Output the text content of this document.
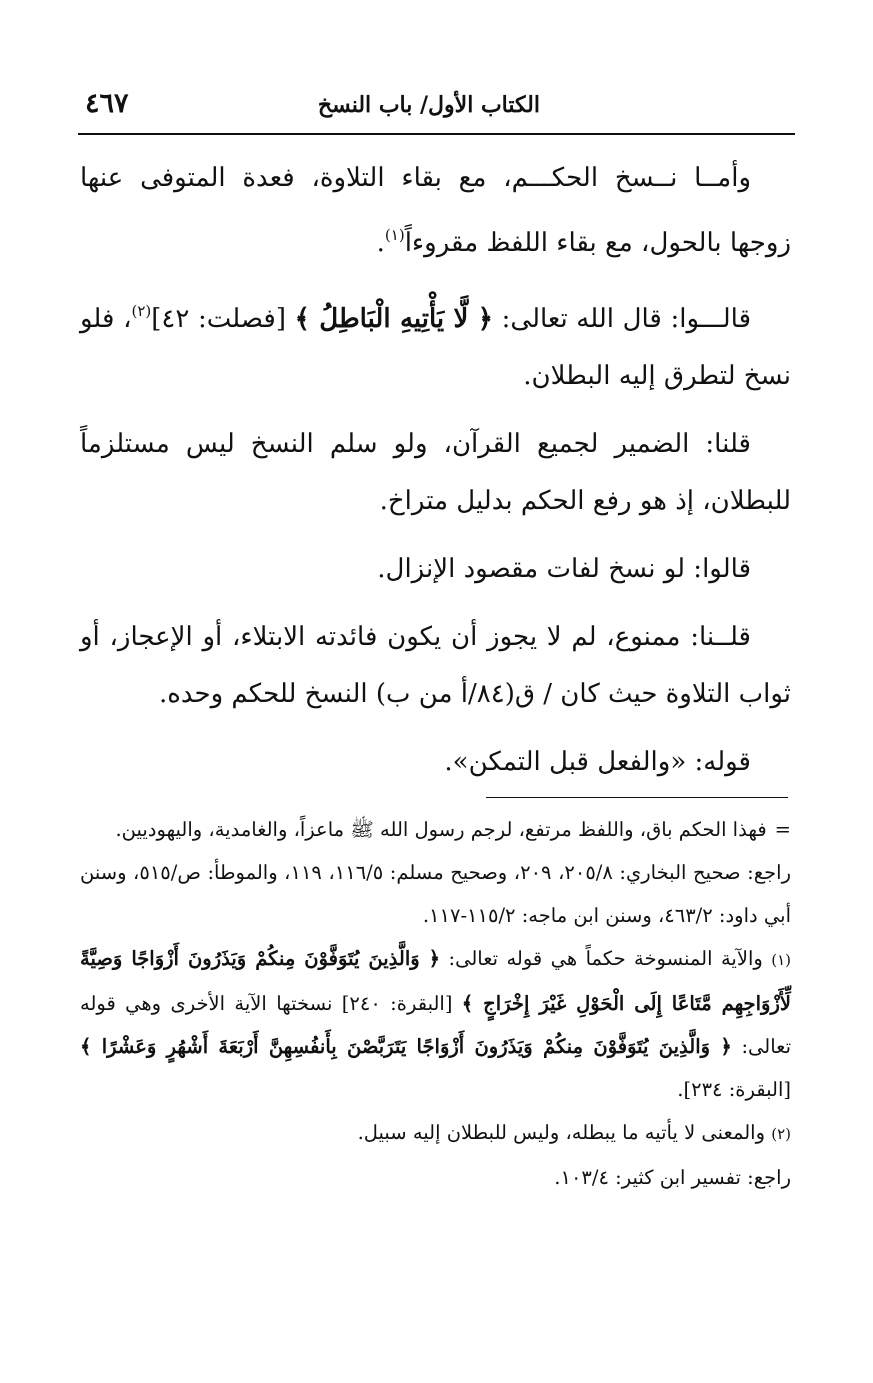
الكتاب الأول/ باب النسخ
٤٦٧

وأمــا نــسخ الحكـــم، مع بقاء التلاوة، فعدة المتوفى عنها زوجها بالحول، مع بقاء اللفظ مقروءاً$^{(١)}$.

قالـــوا: قال الله تعالى: ﴿ لَّا يَأْتِيهِ الْبَاطِلُ ﴾ [فصلت: ٤٢]$^{(٢)}$، فلو نسخ لتطرق إليه البطلان.

قلنا: الضمير لجميع القرآن، ولو سلم النسخ ليس مستلزماً للبطلان، إذ هو رفع الحكم بدليل متراخ.

قالوا: لو نسخ لفات مقصود الإنزال.

قلــنا: ممنوع، لم لا يجوز أن يكون فائدته الابتلاء، أو الإعجاز، أو ثواب التلاوة حيث كان / ق(٨٤/أ من ب) النسخ للحكم وحده.

قوله: «والفعل قبل التمكن».

=فهذا الحكم باق، واللفظ مرتفع، لرجم رسول الله ﷺ ماعزاً، والغامدية، واليهوديين.

راجع: صحيح البخاري: ٢٠٥/٨، ٢٠٩، وصحيح مسلم: ١١٦/٥، ١١٩، والموطأ: ص/٥١٥، وسنن أبي داود: ٤٦٣/٢، وسنن ابن ماجه: ١١٥/٢-١١٧.

(١) والآية المنسوخة حكماً هي قوله تعالى: ﴿ وَالَّذِينَ يُتَوَفَّوْنَ مِنكُمْ وَيَذَرُونَ أَزْوَاجًا وَصِيَّةً لِّأَزْوَاجِهِم مَّتَاعًا إِلَى الْحَوْلِ غَيْرَ إِخْرَاجٍ ﴾ [البقرة: ٢٤٠] نسختها الآية الأخرى وهي قوله تعالى: ﴿ وَالَّذِينَ يُتَوَفَّوْنَ مِنكُمْ وَيَذَرُونَ أَزْوَاجًا يَتَرَبَّصْنَ بِأَنفُسِهِنَّ أَرْبَعَةَ أَشْهُرٍ وَعَشْرًا ﴾ [البقرة: ٢٣٤].

(٢) والمعنى لا يأتيه ما يبطله، وليس للبطلان إليه سبيل.

راجع: تفسير ابن كثير: ١٠٣/٤.
